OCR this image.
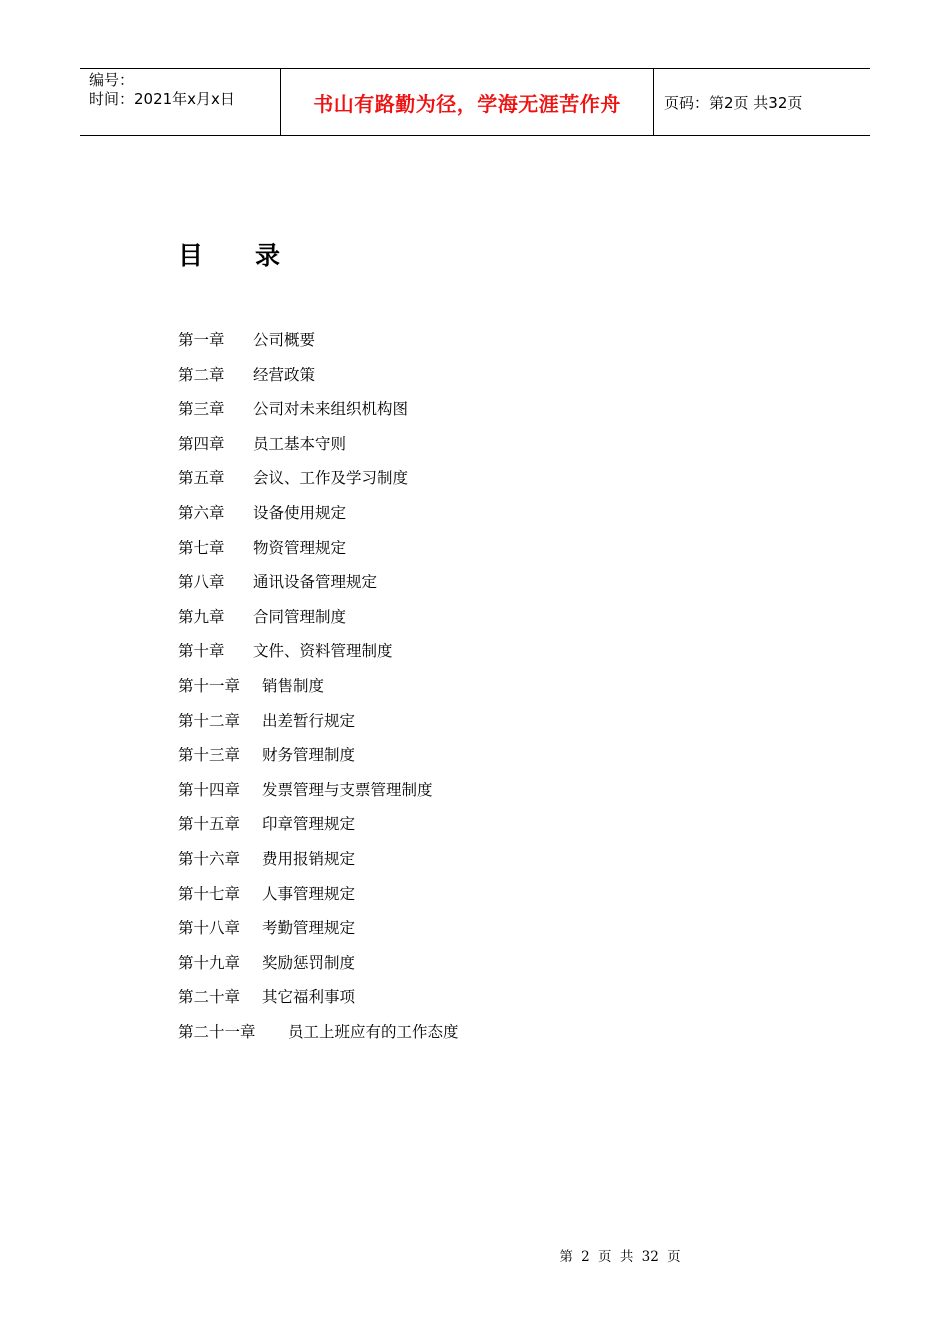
编号：
时间：2021年x月x日	书山有路勤为径，学海无涯苦作舟	页码：第2页 共32页
目 录
第一章	公司概要
第二章	经营政策
第三章	公司对未来组织机构图
第四章	员工基本守则
第五章	会议、工作及学习制度
第六章	设备使用规定
第七章	物资管理规定
第八章	通讯设备管理规定
第九章	合同管理制度
第十章	文件、资料管理制度
第十一章	销售制度
第十二章	出差暂行规定
第十三章	财务管理制度
第十四章	发票管理与支票管理制度
第十五章	印章管理规定
第十六章	费用报销规定
第十七章	人事管理规定
第十八章	考勤管理规定
第十九章	奖励惩罚制度
第二十章	其它福利事项
第二十一章	员工上班应有的工作态度
第 2 页 共 32 页
